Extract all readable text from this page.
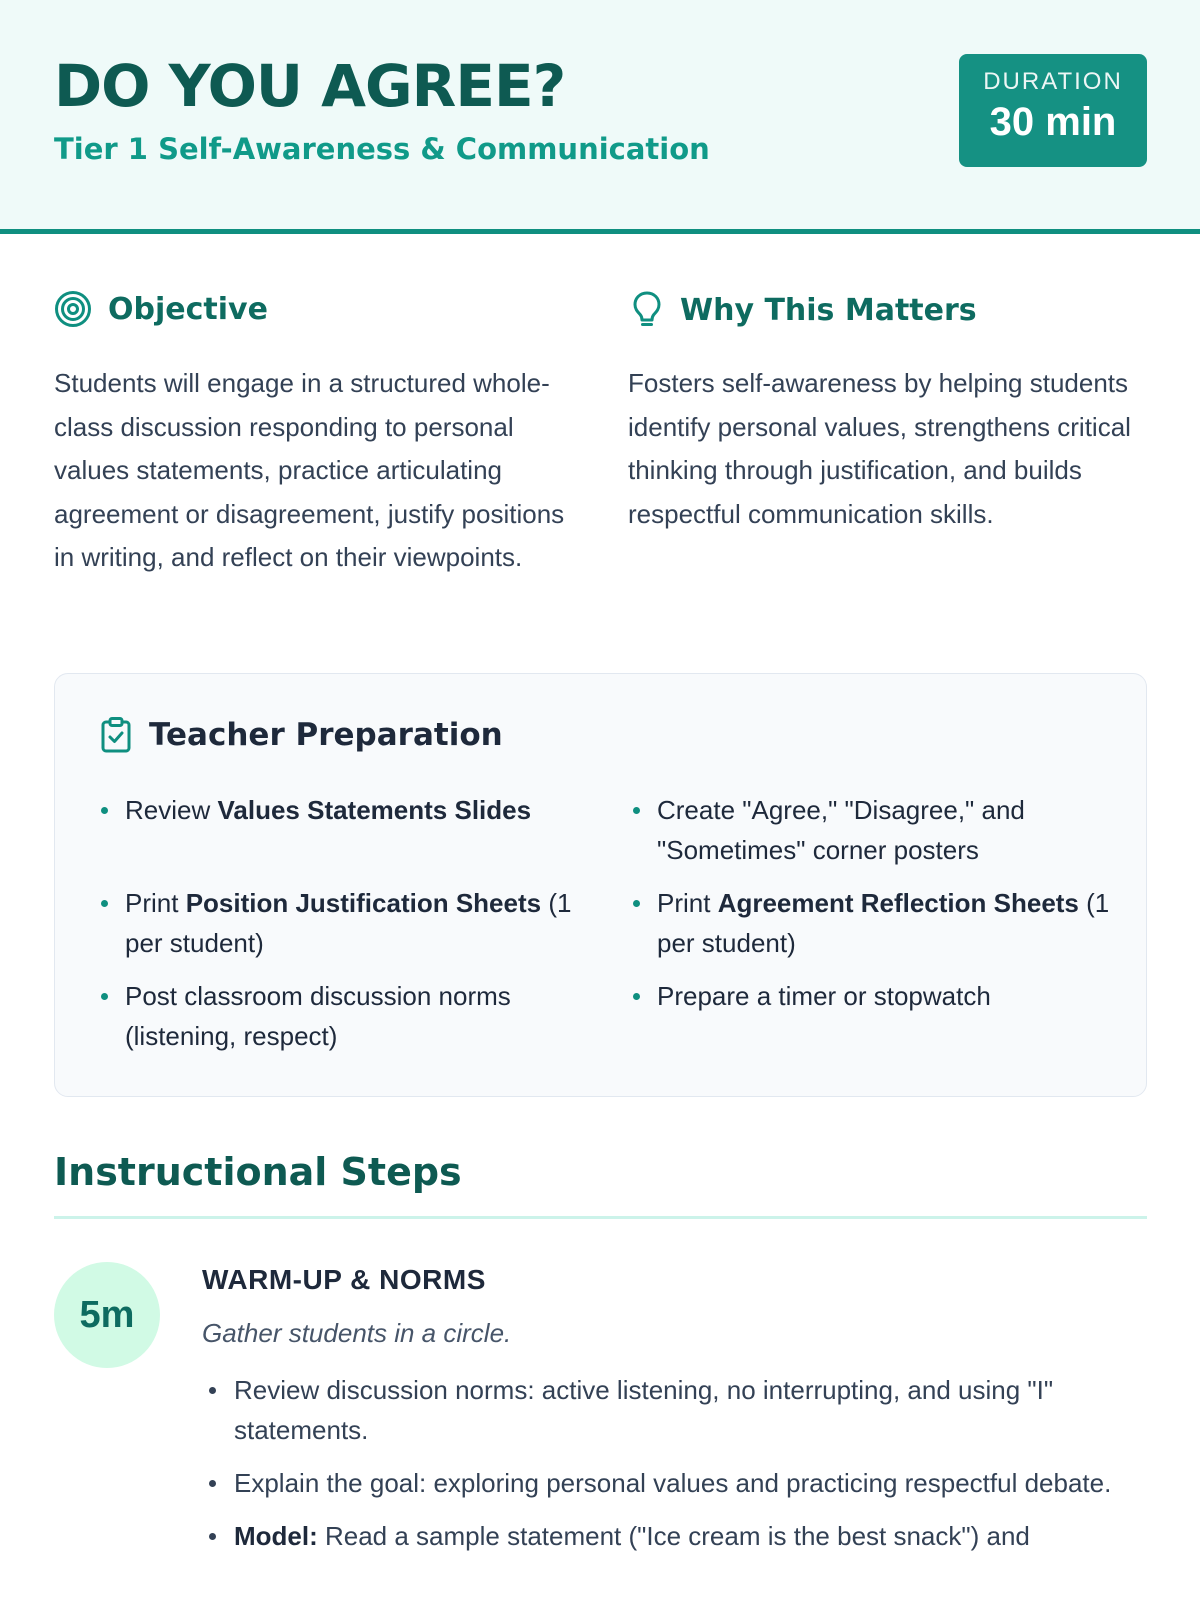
DO YOU AGREE?
Tier 1 Self-Awareness & Communication
DURATION
30 min
Objective
Students will engage in a structured whole-class discussion responding to personal values statements, practice articulating agreement or disagreement, justify positions in writing, and reflect on their viewpoints.
Why This Matters
Fosters self-awareness by helping students identify personal values, strengthens critical thinking through justification, and builds respectful communication skills.
Teacher Preparation
Review Values Statements Slides
Print Position Justification Sheets (1 per student)
Post classroom discussion norms (listening, respect)
Create "Agree," "Disagree," and "Sometimes" corner posters
Print Agreement Reflection Sheets (1 per student)
Prepare a timer or stopwatch
Instructional Steps
5m
WARM-UP & NORMS
Gather students in a circle.
Review discussion norms: active listening, no interrupting, and using "I" statements.
Explain the goal: exploring personal values and practicing respectful debate.
Model: Read a sample statement ("Ice cream is the best snack") and
